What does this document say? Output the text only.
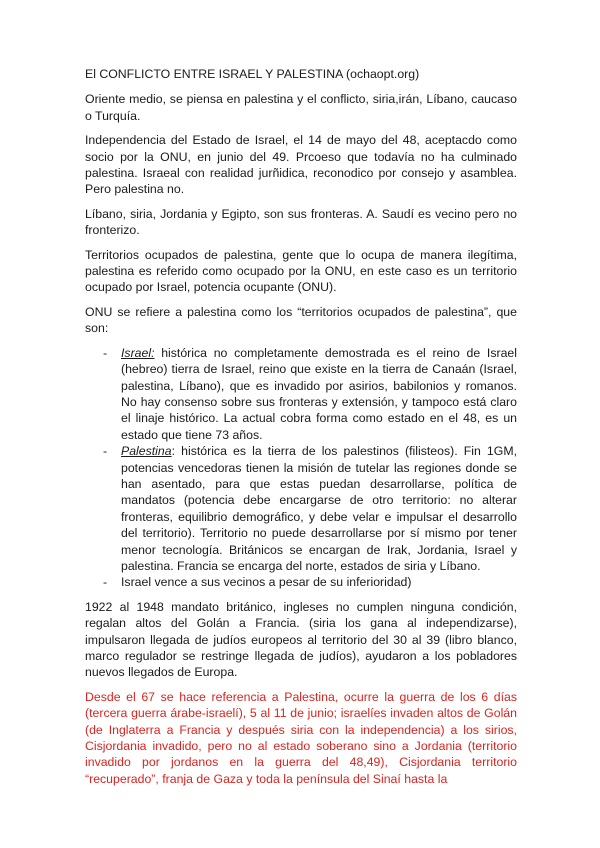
El CONFLICTO ENTRE ISRAEL Y PALESTINA (ochaopt.org)

Oriente medio, se piensa en palestina y el conflicto, siria,irán, Líbano, caucaso o Turquía.

Independencia del Estado de Israel, el 14 de mayo del 48, aceptacdo como socio por la ONU, en junio del 49. Prcoeso que todavía no ha culminado palestina. Israeal con realidad jurñidica, reconodico por consejo y asamblea. Pero palestina no.

Líbano, siria, Jordania y Egipto, son sus fronteras. A. Saudí es vecino pero no fronterizo.

Territorios ocupados de palestina, gente que lo ocupa de manera ilegítima, palestina es referido como ocupado por la ONU, en este caso es un territorio ocupado por Israel, potencia ocupante (ONU).

ONU se refiere a palestina como los “territorios ocupados de palestina”, que son:

- Israel: histórica no completamente demostrada es el reino de Israel (hebreo) tierra de Israel, reino que existe en la tierra de Canaán (Israel, palestina, Líbano), que es invadido por asirios, babilonios y romanos. No hay consenso sobre sus fronteras y extensión, y tampoco está claro el linaje histórico. La actual cobra forma como estado en el 48, es un estado que tiene 73 años.
- Palestina: histórica es la tierra de los palestinos (filisteos). Fin 1GM, potencias vencedoras tienen la misión de tutelar las regiones donde se han asentado, para que estas puedan desarrollarse, política de mandatos (potencia debe encargarse de otro territorio: no alterar fronteras, equilibrio demográfico, y debe velar e impulsar el desarrollo del territorio). Territorio no puede desarrollarse por sí mismo por tener menor tecnología. Británicos se encargan de Irak, Jordania, Israel y palestina. Francia se encarga del norte, estados de siria y Líbano.
- Israel vence a sus vecinos a pesar de su inferioridad)

1922 al 1948 mandato británico, ingleses no cumplen ninguna condición, regalan altos del Golán a Francia. (siria los gana al independizarse), impulsaron llegada de judíos europeos al territorio del 30 al 39 (libro blanco, marco regulador se restringe llegada de judíos), ayudaron a los pobladores nuevos llegados de Europa.

Desde el 67 se hace referencia a Palestina, ocurre la guerra de los 6 días (tercera guerra árabe-israelí), 5 al 11 de junio; israelíes invaden altos de Golán (de Inglaterra a Francia y después siria con la independencia) a los sirios, Cisjordania invadido, pero no al estado soberano sino a Jordania (territorio invadido por jordanos en la guerra del 48,49), Cisjordania territorio “recuperado”, franja de Gaza y toda la península del Sinaí hasta la
